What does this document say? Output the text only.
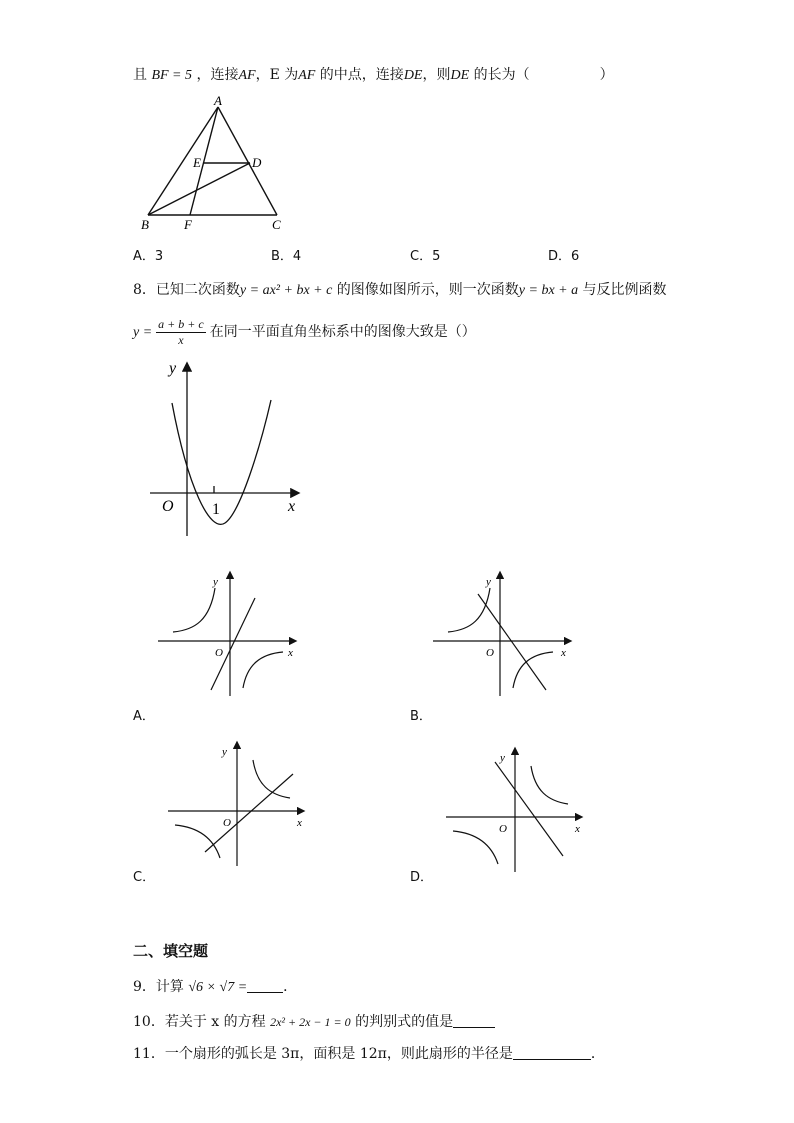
且 BF = 5 ，连接AF，E 为AF 的中点，连接DE，则DE 的长为（	）
A
B	C
D
E
F
A．3	B．4	C．5	D．6
8．已知二次函数y = ax² + bx + c 的图像如图所示，则一次函数y = bx + a 与反比例函数
$y = \frac{a + b + c}{x}$ 在同一平面直角坐标系中的图像大致是（）
y
x
O 1
y
x
O
A．
y
x
O
B．
y
x
O
C．
y
x
O
D．
二、填空题
9．计算 √6 × √7 =	．
10．若关于 x 的方程 2x² + 2x − 1 = 0 的判别式的值是
11．一个扇形的弧长是 3π，面积是 12π，则此扇形的半径是	．
